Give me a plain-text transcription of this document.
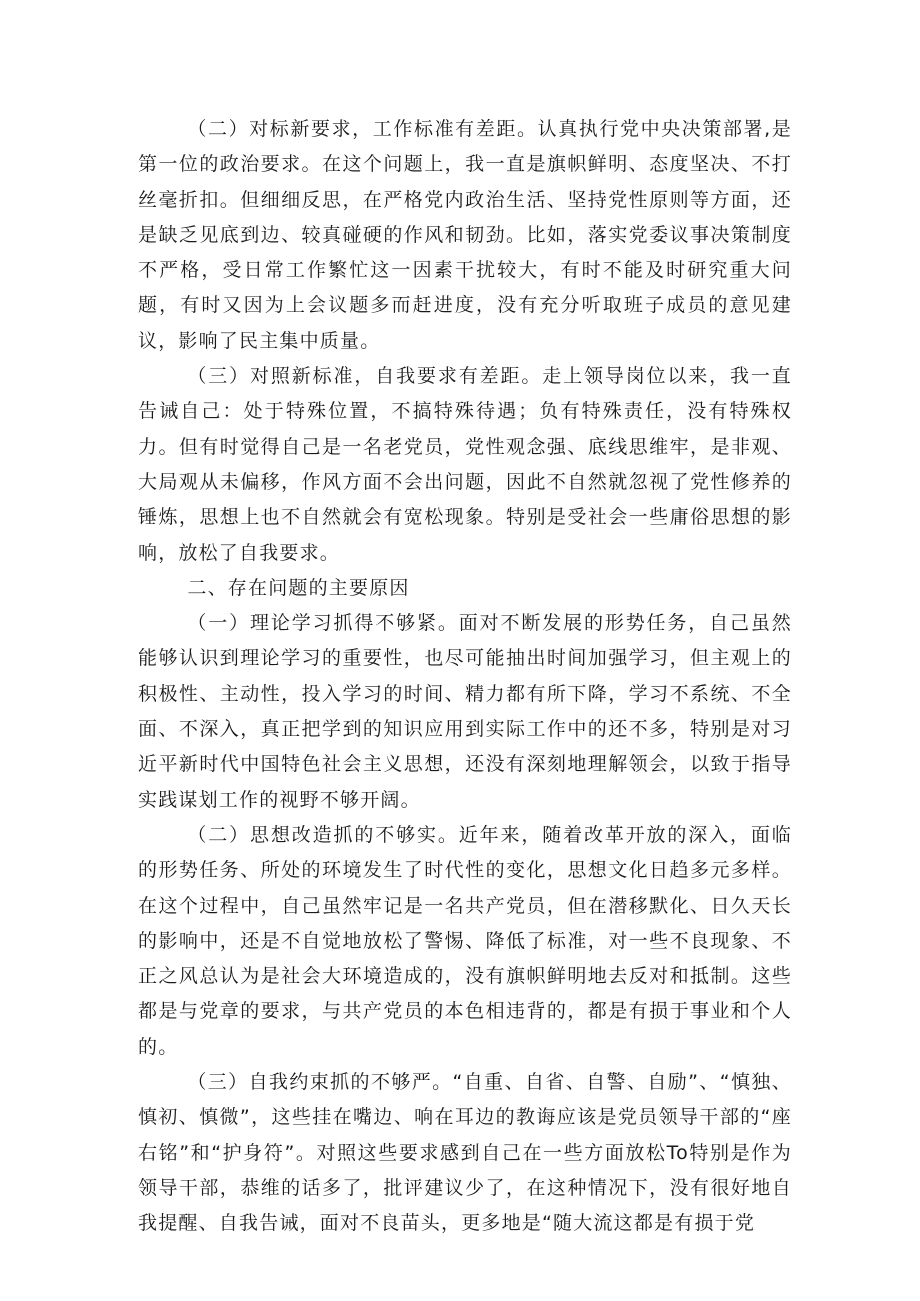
（二）对标新要求，工作标准有差距。认真执行党中央决策部署,是第一位的政治要求。在这个问题上，我一直是旗帜鲜明、态度坚决、不打丝毫折扣。但细细反思，在严格党内政治生活、坚持党性原则等方面，还是缺乏见底到边、较真碰硬的作风和韧劲。比如，落实党委议事决策制度不严格，受日常工作繁忙这一因素干扰较大，有时不能及时研究重大问题，有时又因为上会议题多而赶进度，没有充分听取班子成员的意见建议，影响了民主集中质量。

（三）对照新标准，自我要求有差距。走上领导岗位以来，我一直告诫自己：处于特殊位置，不搞特殊待遇；负有特殊责任，没有特殊权力。但有时觉得自己是一名老党员，党性观念强、底线思维牢，是非观、大局观从未偏移，作风方面不会出问题，因此不自然就忽视了党性修养的锤炼，思想上也不自然就会有宽松现象。特别是受社会一些庸俗思想的影响，放松了自我要求。

二、存在问题的主要原因

（一）理论学习抓得不够紧。面对不断发展的形势任务，自己虽然能够认识到理论学习的重要性，也尽可能抽出时间加强学习，但主观上的积极性、主动性，投入学习的时间、精力都有所下降，学习不系统、不全面、不深入，真正把学到的知识应用到实际工作中的还不多，特别是对习近平新时代中国特色社会主义思想，还没有深刻地理解领会，以致于指导实践谋划工作的视野不够开阔。

（二）思想改造抓的不够实。近年来，随着改革开放的深入，面临的形势任务、所处的环境发生了时代性的变化，思想文化日趋多元多样。在这个过程中，自己虽然牢记是一名共产党员，但在潜移默化、日久天长的影响中，还是不自觉地放松了警惕、降低了标准，对一些不良现象、不正之风总认为是社会大环境造成的，没有旗帜鲜明地去反对和抵制。这些都是与党章的要求，与共产党员的本色相违背的，都是有损于事业和个人的。

（三）自我约束抓的不够严。“自重、自省、自警、自励”、“慎独、慎初、慎微”，这些挂在嘴边、响在耳边的教诲应该是党员领导干部的“座右铭”和“护身符”。对照这些要求感到自己在一些方面放松To特别是作为领导干部，恭维的话多了，批评建议少了，在这种情况下，没有很好地自我提醒、自我告诫，面对不良苗头，更多地是“随大流这都是有损于党
